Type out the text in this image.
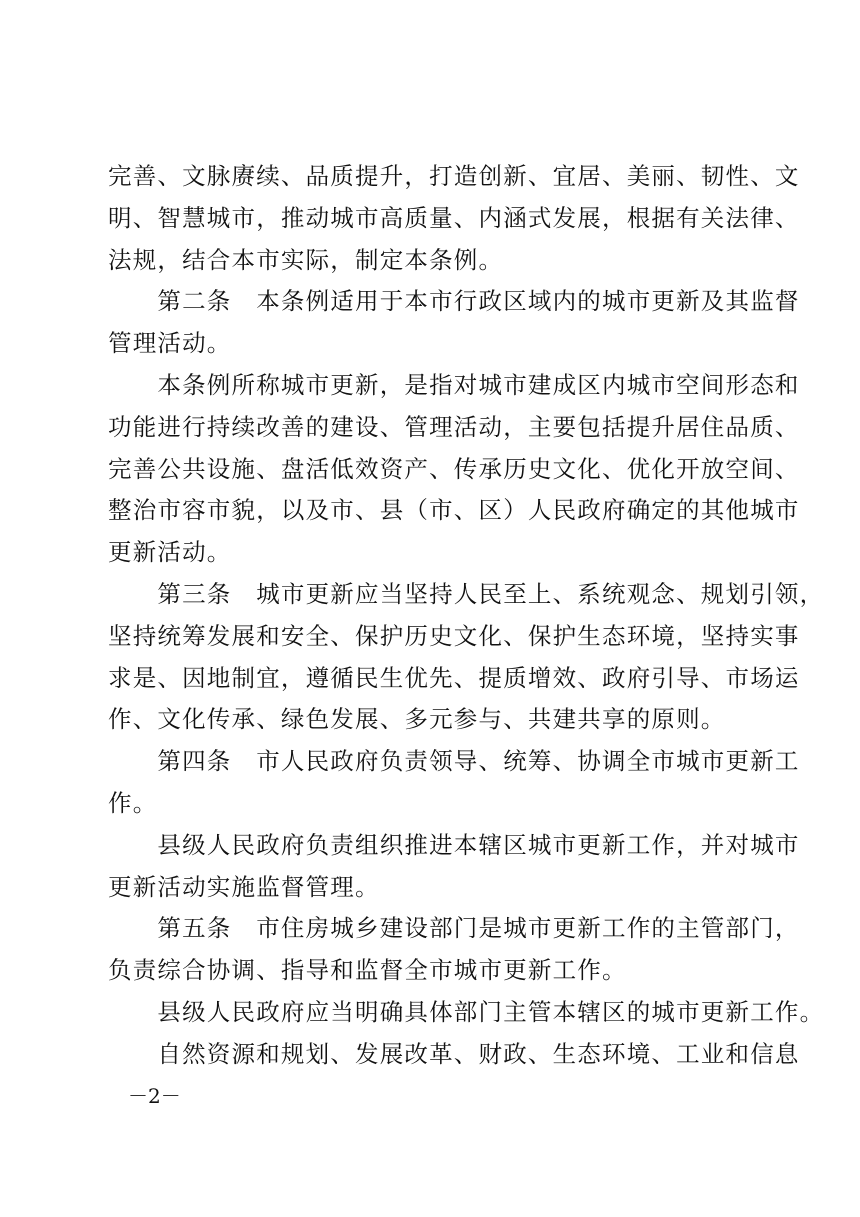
完善、文脉赓续、品质提升，打造创新、宜居、美丽、韧性、文
明、智慧城市，推动城市高质量、内涵式发展，根据有关法律、
法规，结合本市实际，制定本条例。
　　第二条　本条例适用于本市行政区域内的城市更新及其监督
管理活动。
　　本条例所称城市更新，是指对城市建成区内城市空间形态和
功能进行持续改善的建设、管理活动，主要包括提升居住品质、
完善公共设施、盘活低效资产、传承历史文化、优化开放空间、
整治市容市貌，以及市、县（市、区）人民政府确定的其他城市
更新活动。
　　第三条　城市更新应当坚持人民至上、系统观念、规划引领，
坚持统筹发展和安全、保护历史文化、保护生态环境，坚持实事
求是、因地制宜，遵循民生优先、提质增效、政府引导、市场运
作、文化传承、绿色发展、多元参与、共建共享的原则。
　　第四条　市人民政府负责领导、统筹、协调全市城市更新工
作。
　　县级人民政府负责组织推进本辖区城市更新工作，并对城市
更新活动实施监督管理。
　　第五条　市住房城乡建设部门是城市更新工作的主管部门，
负责综合协调、指导和监督全市城市更新工作。
　　县级人民政府应当明确具体部门主管本辖区的城市更新工作。
　　自然资源和规划、发展改革、财政、生态环境、工业和信息
－2－
